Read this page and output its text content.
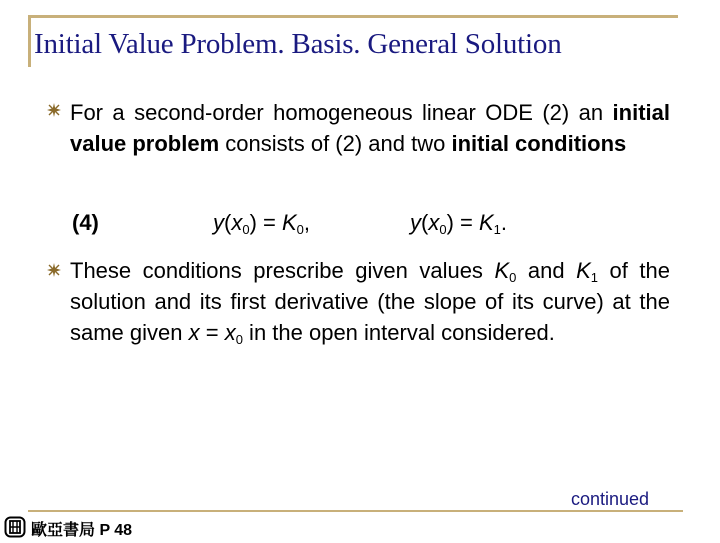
Initial Value Problem. Basis. General Solution
For a second-order homogeneous linear ODE (2) an initial value problem consists of (2) and two initial conditions
(4)	$y(x_0) = K_0$,	$y(x_0) = K_1$.
These conditions prescribe given values $K_0$ and $K_1$ of the solution and its first derivative (the slope of its curve) at the same given $x = x_0$ in the open interval considered.
continued
歐亞書局 P 48
